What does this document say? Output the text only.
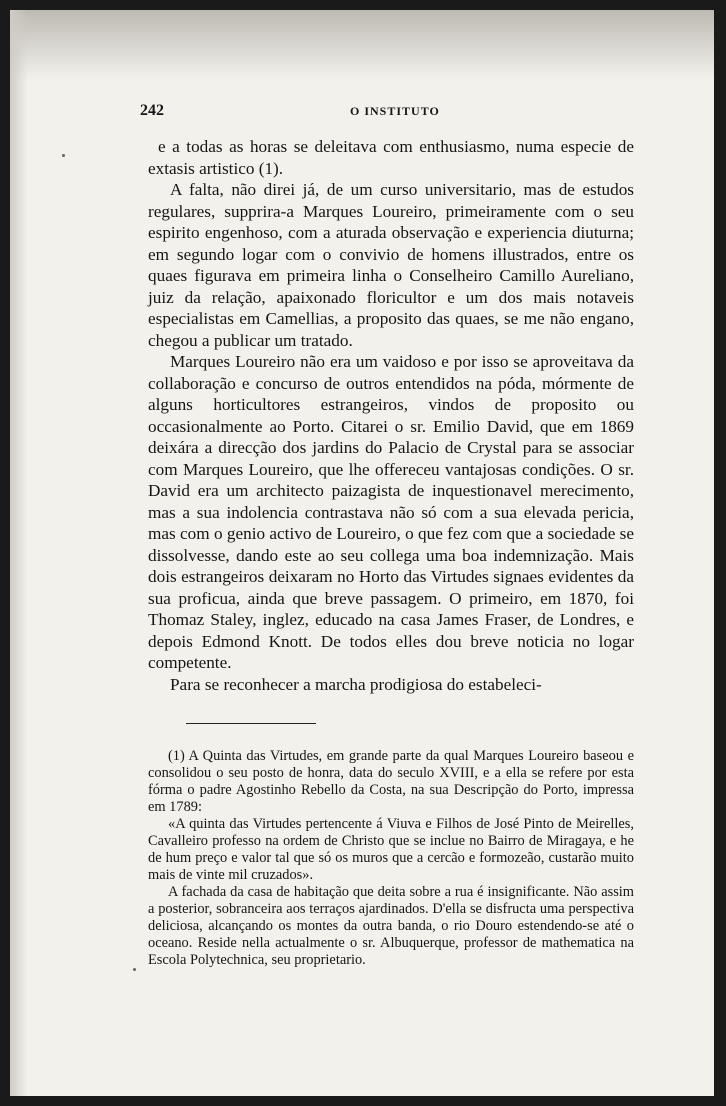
242	O INSTITUTO

e a todas as horas se deleitava com enthusiasmo, numa especie de extasis artistico (1).

A falta, não direi já, de um curso universitario, mas de estudos regulares, supprira-a Marques Loureiro, primeiramente com o seu espirito engenhoso, com a aturada observação e experiencia diuturna; em segundo logar com o convivio de homens illustrados, entre os quaes figurava em primeira linha o Conselheiro Camillo Aureliano, juiz da relação, apaixonado floricultor e um dos mais notaveis especialistas em Camellias, a proposito das quaes, se me não engano, chegou a publicar um tratado.

Marques Loureiro não era um vaidoso e por isso se aproveitava da collaboração e concurso de outros entendidos na póda, mórmente de alguns horticultores estrangeiros, vindos de proposito ou occasionalmente ao Porto. Citarei o sr. Emilio David, que em 1869 deixára a direcção dos jardins do Palacio de Crystal para se associar com Marques Loureiro, que lhe offereceu vantajosas condições. O sr. David era um architecto paizagista de inquestionavel merecimento, mas a sua indolencia contrastava não só com a sua elevada pericia, mas com o genio activo de Loureiro, o que fez com que a sociedade se dissolvesse, dando este ao seu collega uma boa indemnização. Mais dois estrangeiros deixaram no Horto das Virtudes signaes evidentes da sua proficua, ainda que breve passagem. O primeiro, em 1870, foi Thomaz Staley, inglez, educado na casa James Fraser, de Londres, e depois Edmond Knott. De todos elles dou breve noticia no logar competente.

Para se reconhecer a marcha prodigiosa do estabeleci-

(1) A Quinta das Virtudes, em grande parte da qual Marques Loureiro baseou e consolidou o seu posto de honra, data do seculo XVIII, e a ella se refere por esta fórma o padre Agostinho Rebello da Costa, na sua Descripção do Porto, impressa em 1789:

«A quinta das Virtudes pertencente á Viuva e Filhos de José Pinto de Meirelles, Cavalleiro professo na ordem de Christo que se inclue no Bairro de Miragaya, e he de hum preço e valor tal que só os muros que a cercão e formozeão, custarão muito mais de vinte mil cruzados».

A fachada da casa de habitação que deita sobre a rua é insignificante. Não assim a posterior, sobranceira aos terraços ajardinados. D'ella se disfructa uma perspectiva deliciosa, alcançando os montes da outra banda, o rio Douro estendendo-se até o oceano. Reside nella actualmente o sr. Albuquerque, professor de mathematica na Escola Polytechnica, seu proprietario.
